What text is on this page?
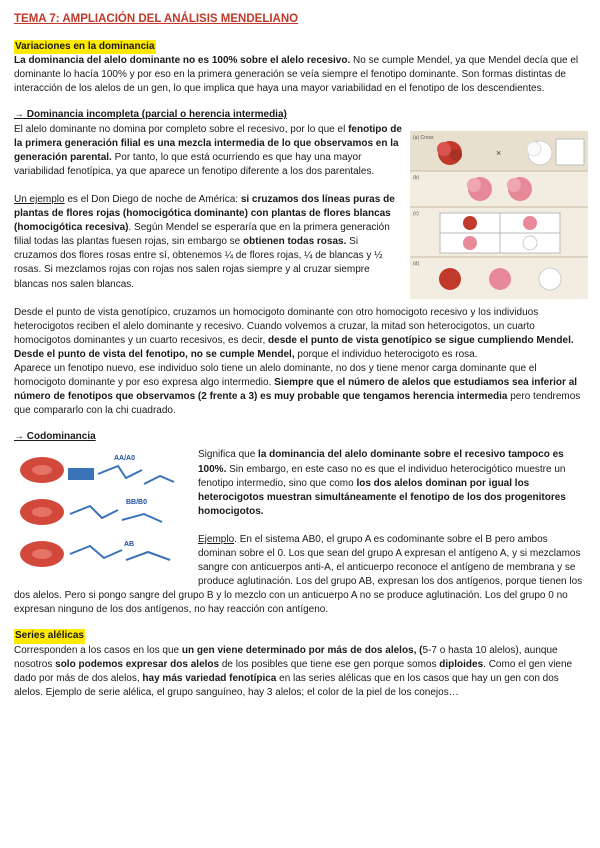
TEMA 7: AMPLIACIÓN DEL ANÁLISIS MENDELIANO
Variaciones en la dominancia

La dominancia del alelo dominante no es 100% sobre el alelo recesivo. No se cumple Mendel, ya que Mendel decía que el dominante lo hacía 100% y por eso en la primera generación se veía siempre el fenotipo dominante. Son formas distintas de interacción de los alelos de un gen, lo que implica que haya una mayor variabilidad en el fenotipo de los descendientes.

→ Dominancia incompleta (parcial o herencia intermedia)
(a) Cross
(b)
(c)
(d)
×

El alelo dominante no domina por completo sobre el recesivo, por lo que el fenotipo de la primera generación filial es una mezcla intermedia de lo que observamos en la generación parental. Por tanto, lo que está ocurriendo es que hay una mayor variabilidad fenotípica, ya que aparece un fenotipo diferente a los dos parentales.

Un ejemplo es el Don Diego de noche de América: si cruzamos dos líneas puras de plantas de flores rojas (homocigótica dominante) con plantas de flores blancas (homocigótica recesiva). Según Mendel se esperaría que en la primera generación filial todas las plantas fuesen rojas, sin embargo se obtienen todas rosas. Si cruzamos dos flores rosas entre sí, obtenemos ¼ de flores rojas, ¼ de blancas y ½ rosas. Si mezclamos rojas con rojas nos salen rojas siempre y al cruzar siempre blancas nos salen blancas.

Desde el punto de vista genotípico, cruzamos un homocigoto dominante con otro homocigoto recesivo y los individuos heterocigotos reciben el alelo dominante y recesivo. Cuando volvemos a cruzar, la mitad son heterocigotos, un cuarto homocigotos dominantes y un cuarto recesivos, es decir, desde el punto de vista genotípico se sigue cumpliendo Mendel. Desde el punto de vista del fenotipo, no se cumple Mendel, porque el individuo heterocigoto es rosa.

Aparece un fenotipo nuevo, ese individuo solo tiene un alelo dominante, no dos y tiene menor carga dominante que el homocigoto dominante y por eso expresa algo intermedio. Siempre que el número de alelos que estudiamos sea inferior al número de fenotipos que observamos (2 frente a 3) es muy probable que tengamos herencia intermedia pero tendremos que compararlo con la chi cuadrado.

→ Codominancia
AA/A0
BB/B0
AB

Significa que la dominancia del alelo dominante sobre el recesivo tampoco es 100%. Sin embargo, en este caso no es que el individuo heterocigótico muestre un fenotipo intermedio, sino que como los dos alelos dominan por igual los heterocigotos muestran simultáneamente el fenotipo de los dos progenitores homocigotos.

Ejemplo. En el sistema AB0, el grupo A es codominante sobre el B pero ambos dominan sobre el 0. Los que sean del grupo A expresan el antígeno A, y si mezclamos sangre con anticuerpos anti-A, el anticuerpo reconoce el antígeno de membrana y se produce aglutinación. Los del grupo AB, expresan los dos antígenos, porque tienen los dos alelos. Pero si pongo sangre del grupo B y lo mezclo con un anticuerpo A no se produce aglutinación. Los del grupo 0 no expresan ninguno de los dos antígenos, no hay reacción con antígeno.

Series alélicas

Corresponden a los casos en los que un gen viene determinado por más de dos alelos, (5-7 o hasta 10 alelos), aunque nosotros solo podemos expresar dos alelos de los posibles que tiene ese gen porque somos diploides. Como el gen viene dado por más de dos alelos, hay más variedad fenotípica en las series alélicas que en los casos que hay un gen con dos alelos. Ejemplo de serie alélica, el grupo sanguíneo, hay 3 alelos; el color de la piel de los conejos…
